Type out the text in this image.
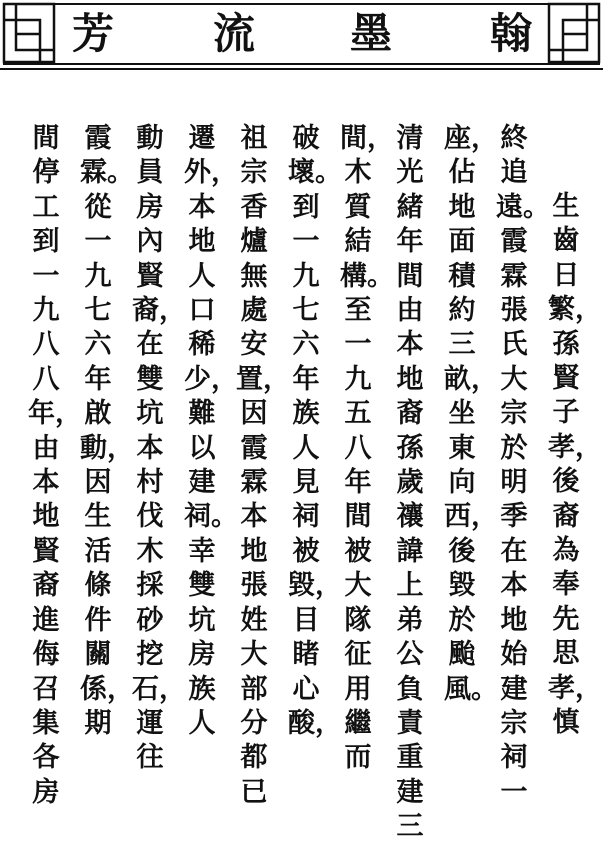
芳 流 墨 翰
生齒日繁，孫賢子孝，後裔為奉先思孝，慎
終追遠。霞霖張氏大宗於明季在本地始建宗祠一
座，佔地面積約三畝，坐東向西，後毀於颱風。
清光緒年間由本地裔孫歲禳諱上弟公負責重建三
間，木質結構。至一九五八年間被大隊征用繼而
破壞。到一九七六年族人見祠被毀，目睹心酸，
祖宗香爐無處安置，因霞霖本地張姓大部分都已
遷外，本地人口稀少，難以建祠。幸雙坑房族人
動員房內賢裔，在雙坑本村伐木採砂挖石，運往
霞霖。從一九七六年啟動，因生活條件關係，期
間停工到一九八八年，由本地賢裔進侮召集各房
